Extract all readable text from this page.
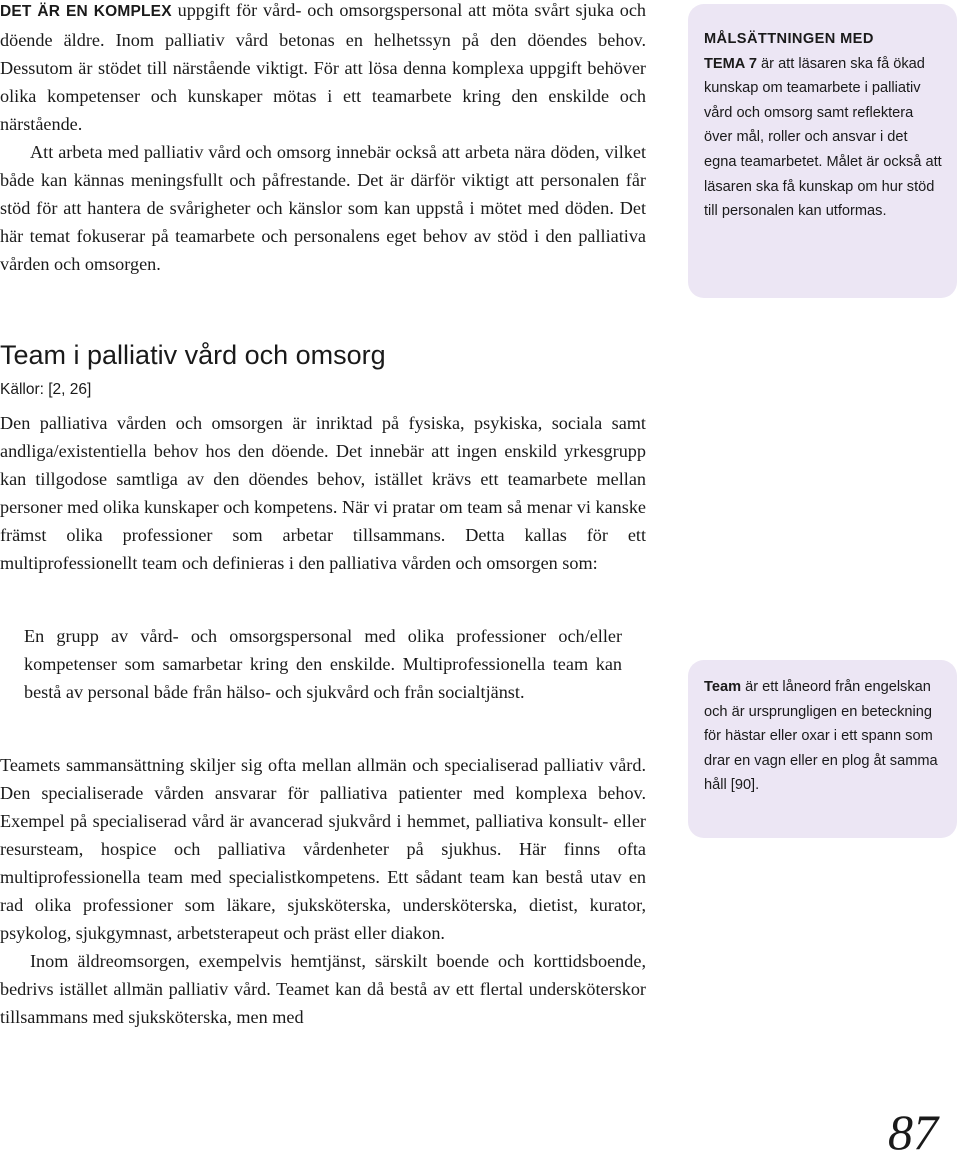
DET ÄR EN KOMPLEX uppgift för vård- och omsorgspersonal att möta svårt sjuka och döende äldre. Inom palliativ vård betonas en helhetssyn på den döendes behov. Dessutom är stödet till närstående viktigt. För att lösa denna komplexa uppgift behöver olika kompetenser och kunskaper mötas i ett teamarbete kring den enskilde och närstående.

Att arbeta med palliativ vård och omsorg innebär också att arbeta nära döden, vilket både kan kännas meningsfullt och påfrestande. Det är därför viktigt att personalen får stöd för att hantera de svårigheter och känslor som kan uppstå i mötet med döden. Det här temat fokuserar på teamarbete och personalens eget behov av stöd i den palliativa vården och omsorgen.

MÅLSÄTTNINGEN MED
TEMA 7 är att läsaren ska få ökad kunskap om teamarbete i palliativ vård och omsorg samt reflektera över mål, roller och ansvar i det egna teamarbetet. Målet är också att läsaren ska få kunskap om hur stöd till personalen kan utformas.

Team i palliativ vård och omsorg

Källor: [2, 26]

Den palliativa vården och omsorgen är inriktad på fysiska, psykiska, sociala samt andliga/existentiella behov hos den döende. Det innebär att ingen enskild yrkesgrupp kan tillgodose samtliga av den döendes behov, istället krävs ett teamarbete mellan personer med olika kunskaper och kompetens. När vi pratar om team så menar vi kanske främst olika professioner som arbetar tillsammans. Detta kallas för ett multiprofessionellt team och definieras i den palliativa vården och omsorgen som:

En grupp av vård- och omsorgspersonal med olika professioner och/eller kompetenser som samarbetar kring den enskilde. Multiprofessionella team kan bestå av personal både från hälso- och sjukvård och från socialtjänst.

Teamets sammansättning skiljer sig ofta mellan allmän och specialiserad palliativ vård. Den specialiserade vården ansvarar för palliativa patienter med komplexa behov. Exempel på specialiserad vård är avancerad sjukvård i hemmet, palliativa konsult- eller resursteam, hospice och palliativa vårdenheter på sjukhus. Här finns ofta multiprofessionella team med specialistkompetens. Ett sådant team kan bestå utav en rad olika professioner som läkare, sjuksköterska, undersköterska, dietist, kurator, psykolog, sjukgymnast, arbetsterapeut och präst eller diakon.

Inom äldreomsorgen, exempelvis hemtjänst, särskilt boende och korttidsboende, bedrivs istället allmän palliativ vård. Teamet kan då bestå av ett flertal undersköterskor tillsammans med sjuksköterska, men med

Team är ett låneord från engelskan och är ursprungligen en beteckning för hästar eller oxar i ett spann som drar en vagn eller en plog åt samma håll [90].

87
